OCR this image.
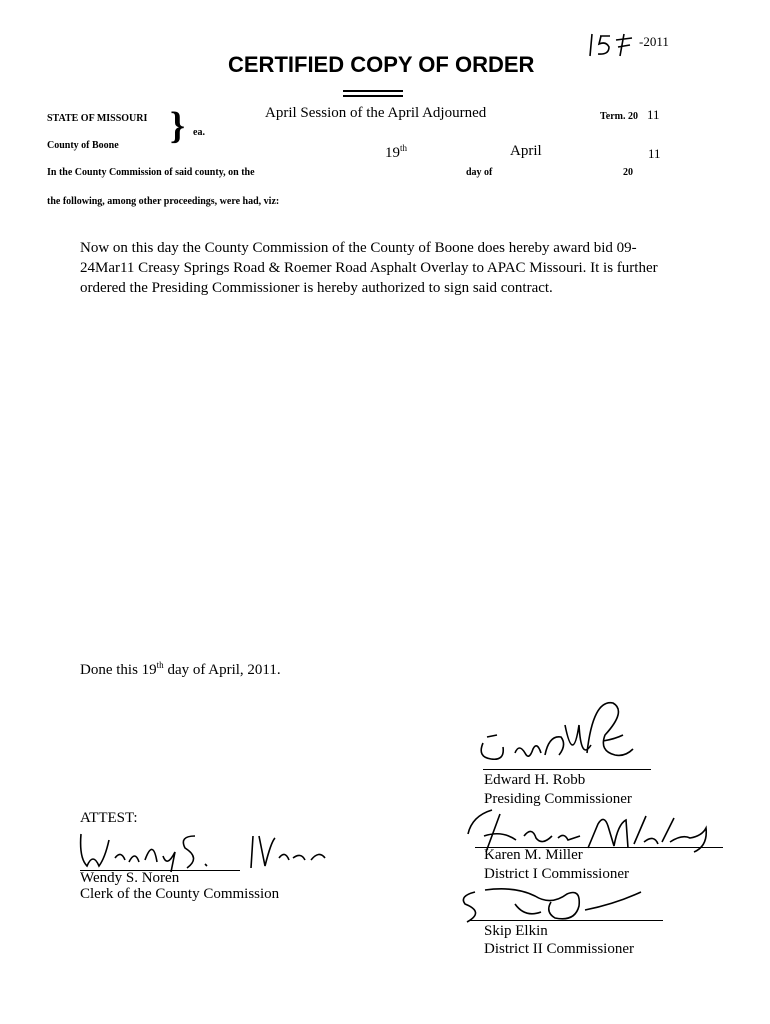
-2011
CERTIFIED COPY OF ORDER
STATE OF MISSOURI
County of Boone } ea.
April Session of the April Adjourned	Term. 20 11
19th	April	11
In the County Commission of said county, on the	day of	20
the following, among other proceedings, were had, viz:
Now on this day the County Commission of the County of Boone does hereby award bid 09-24Mar11 Creasy Springs Road & Roemer Road Asphalt Overlay to APAC Missouri. It is further ordered the Presiding Commissioner is hereby authorized to sign said contract.
Done this 19th day of April, 2011.
Edward H. Robb
Presiding Commissioner
Karen M. Miller
District I Commissioner
Skip Elkin
District II Commissioner
ATTEST:
Wendy S. Noren
Clerk of the County Commission
